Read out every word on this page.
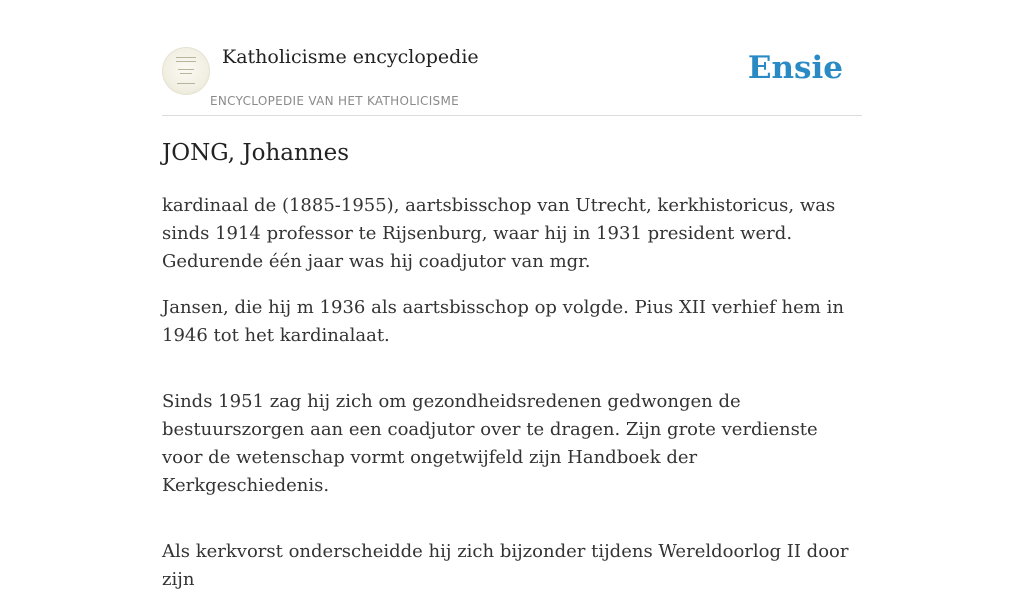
Katholicisme encyclopedie
ENCYCLOPEDIE VAN HET KATHOLICISME
Ensie
JONG, Johannes

kardinaal de (1885-1955), aartsbisschop van Utrecht, kerkhistoricus, was sinds 1914 professor te Rijsenburg, waar hij in 1931 president werd. Gedurende één jaar was hij coadjutor van mgr.

Jansen, die hij m 1936 als aartsbisschop op volgde. Pius XII verhief hem in 1946 tot het kardinalaat.

Sinds 1951 zag hij zich om gezondheidsredenen gedwongen de bestuurszorgen aan een coadjutor over te dragen. Zijn grote verdienste voor de wetenschap vormt ongetwijfeld zijn Handboek der Kerkgeschiedenis.

Als kerkvorst onderscheidde hij zich bijzonder tijdens Wereldoorlog II door zijn
